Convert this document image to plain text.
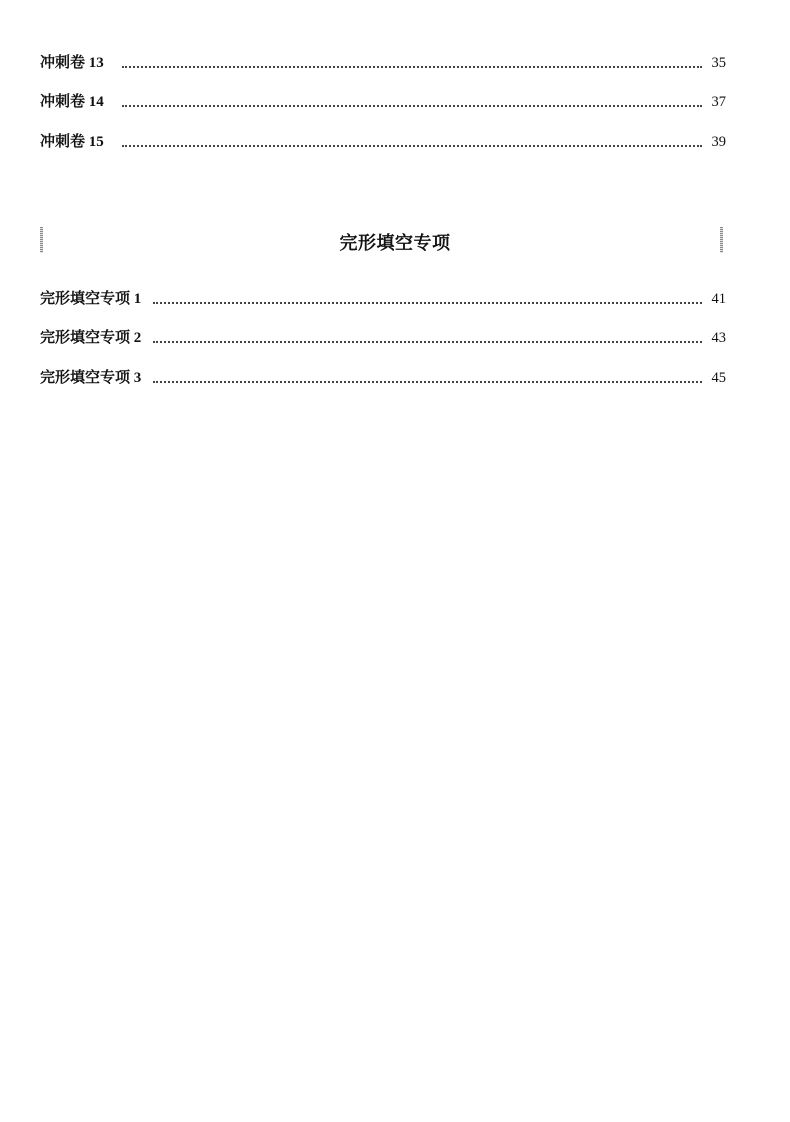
冲刺卷 13	35
冲刺卷 14	37
冲刺卷 15	39
完形填空专项
完形填空专项 1	41
完形填空专项 2	43
完形填空专项 3	45
